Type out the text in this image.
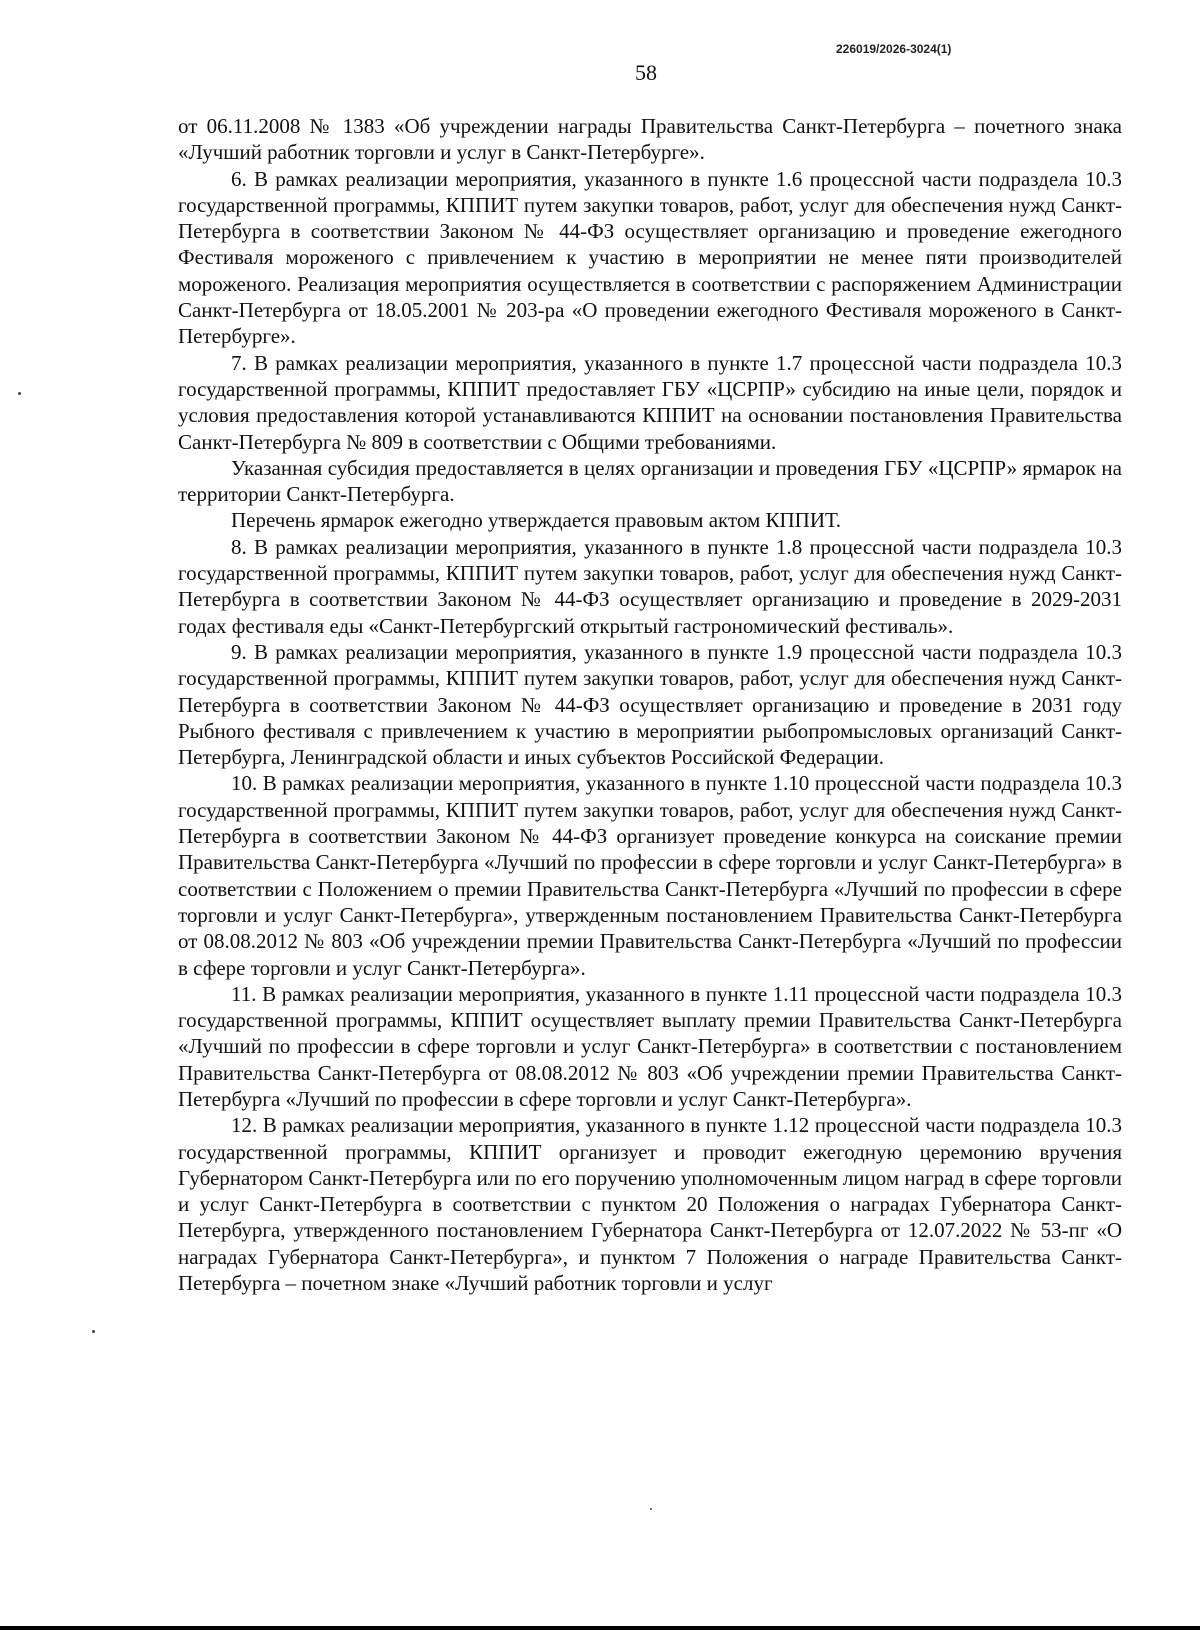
226019/2026-3024(1)
58

от 06.11.2008 № 1383 «Об учреждении награды Правительства Санкт-Петербурга – почетного знака «Лучший работник торговли и услуг в Санкт-Петербурге».

6. В рамках реализации мероприятия, указанного в пункте 1.6 процессной части подраздела 10.3 государственной программы, КППИТ путем закупки товаров, работ, услуг для обеспечения нужд Санкт-Петербурга в соответствии Законом № 44-ФЗ осуществляет организацию и проведение ежегодного Фестиваля мороженого с привлечением к участию в мероприятии не менее пяти производителей мороженого. Реализация мероприятия осуществляется в соответствии с распоряжением Администрации Санкт-Петербурга от 18.05.2001 № 203-ра «О проведении ежегодного Фестиваля мороженого в Санкт-Петербурге».

7. В рамках реализации мероприятия, указанного в пункте 1.7 процессной части подраздела 10.3 государственной программы, КППИТ предоставляет ГБУ «ЦСРПР» субсидию на иные цели, порядок и условия предоставления которой устанавливаются КППИТ на основании постановления Правительства Санкт-Петербурга № 809 в соответствии с Общими требованиями.

Указанная субсидия предоставляется в целях организации и проведения ГБУ «ЦСРПР» ярмарок на территории Санкт-Петербурга.

Перечень ярмарок ежегодно утверждается правовым актом КППИТ.

8. В рамках реализации мероприятия, указанного в пункте 1.8 процессной части подраздела 10.3 государственной программы, КППИТ путем закупки товаров, работ, услуг для обеспечения нужд Санкт-Петербурга в соответствии Законом № 44-ФЗ осуществляет организацию и проведение в 2029-2031 годах фестиваля еды «Санкт-Петербургский открытый гастрономический фестиваль».

9. В рамках реализации мероприятия, указанного в пункте 1.9 процессной части подраздела 10.3 государственной программы, КППИТ путем закупки товаров, работ, услуг для обеспечения нужд Санкт-Петербурга в соответствии Законом № 44-ФЗ осуществляет организацию и проведение в 2031 году Рыбного фестиваля с привлечением к участию в мероприятии рыбопромысловых организаций Санкт-Петербурга, Ленинградской области и иных субъектов Российской Федерации.

10. В рамках реализации мероприятия, указанного в пункте 1.10 процессной части подраздела 10.3 государственной программы, КППИТ путем закупки товаров, работ, услуг для обеспечения нужд Санкт-Петербурга в соответствии Законом № 44-ФЗ организует проведение конкурса на соискание премии Правительства Санкт-Петербурга «Лучший по профессии в сфере торговли и услуг Санкт-Петербурга» в соответствии с Положением о премии Правительства Санкт-Петербурга «Лучший по профессии в сфере торговли и услуг Санкт-Петербурга», утвержденным постановлением Правительства Санкт-Петербурга от 08.08.2012 № 803 «Об учреждении премии Правительства Санкт-Петербурга «Лучший по профессии в сфере торговли и услуг Санкт-Петербурга».

11. В рамках реализации мероприятия, указанного в пункте 1.11 процессной части подраздела 10.3 государственной программы, КППИТ осуществляет выплату премии Правительства Санкт-Петербурга «Лучший по профессии в сфере торговли и услуг Санкт-Петербурга» в соответствии с постановлением Правительства Санкт-Петербурга от 08.08.2012 № 803 «Об учреждении премии Правительства Санкт-Петербурга «Лучший по профессии в сфере торговли и услуг Санкт-Петербурга».

12. В рамках реализации мероприятия, указанного в пункте 1.12 процессной части подраздела 10.3 государственной программы, КППИТ организует и проводит ежегодную церемонию вручения Губернатором Санкт-Петербурга или по его поручению уполномоченным лицом наград в сфере торговли и услуг Санкт-Петербурга в соответствии с пунктом 20 Положения о наградах Губернатора Санкт-Петербурга, утвержденного постановлением Губернатора Санкт-Петербурга от 12.07.2022 № 53-пг «О наградах Губернатора Санкт-Петербурга», и пунктом 7 Положения о награде Правительства Санкт-Петербурга – почетном знаке «Лучший работник торговли и услуг
